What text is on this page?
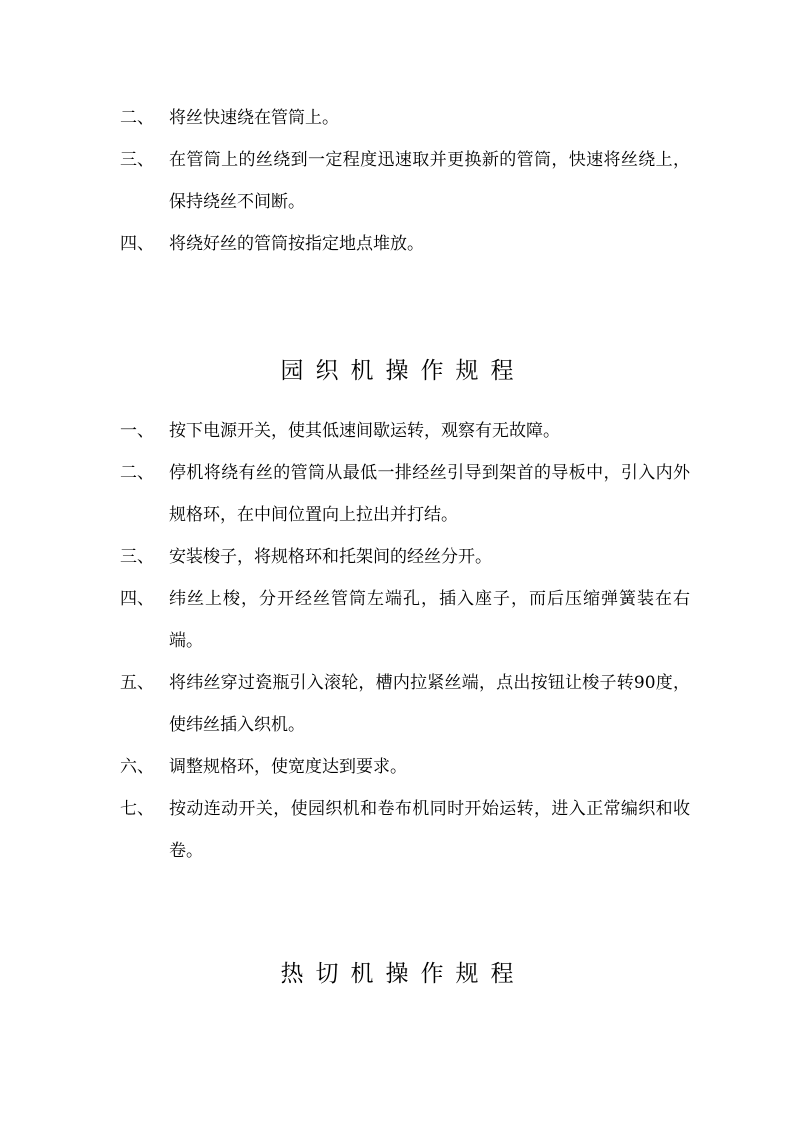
二、 将丝快速绕在管筒上。
三、 在管筒上的丝绕到一定程度迅速取并更换新的管筒，快速将丝绕上，保持绕丝不间断。
四、 将绕好丝的管筒按指定地点堆放。
园织机操作规程
一、 按下电源开关，使其低速间歇运转，观察有无故障。
二、 停机将绕有丝的管筒从最低一排经丝引导到架首的导板中，引入内外规格环，在中间位置向上拉出并打结。
三、 安装梭子，将规格环和托架间的经丝分开。
四、 纬丝上梭，分开经丝管筒左端孔，插入座子，而后压缩弹簧装在右端。
五、 将纬丝穿过瓷瓶引入滚轮，槽内拉紧丝端，点出按钮让梭子转90度，使纬丝插入织机。
六、 调整规格环，使宽度达到要求。
七、 按动连动开关，使园织机和卷布机同时开始运转，进入正常编织和收卷。
热切机操作规程
